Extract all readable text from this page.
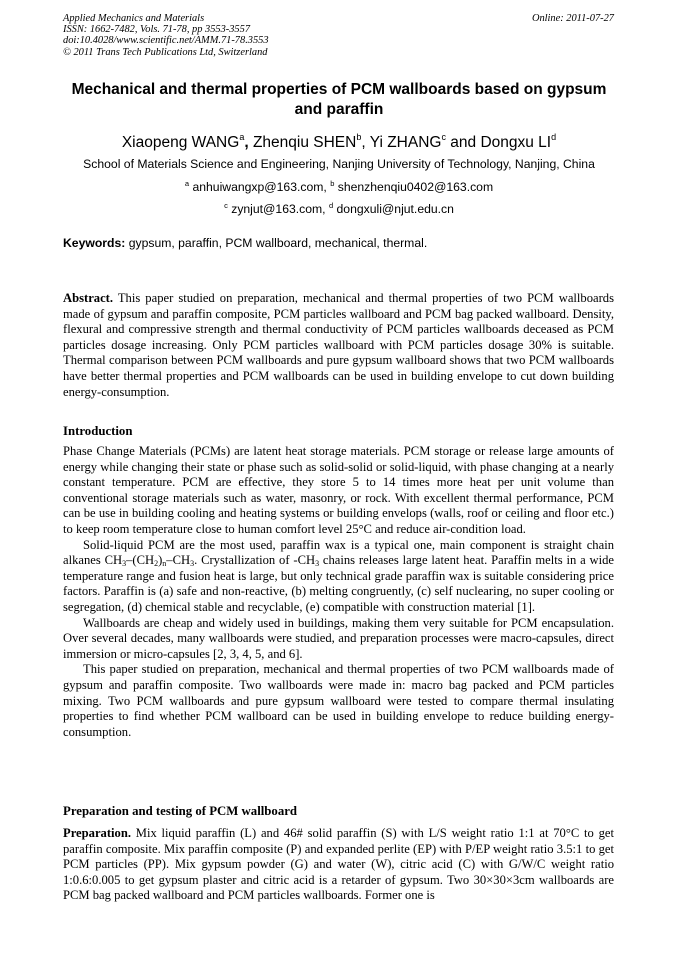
Applied Mechanics and Materials
ISSN: 1662-7482, Vols. 71-78, pp 3553-3557
doi:10.4028/www.scientific.net/AMM.71-78.3553
© 2011 Trans Tech Publications Ltd, Switzerland
Online: 2011-07-27
Mechanical and thermal properties of PCM wallboards based on gypsum and paraffin
Xiaopeng WANG$^a$, Zhenqiu SHEN$^b$, Yi ZHANG$^c$ and Dongxu $LI^d$
School of Materials Science and Engineering, Nanjing University of Technology, Nanjing, China
$^a$ anhuiwangxp@163.com, $^b$ shenzhenqiu0402@163.com
$^c$ zynjut@163.com, $^d$ dongxuli@njut.edu.cn
Keywords: gypsum, paraffin, PCM wallboard, mechanical, thermal.

Abstract. This paper studied on preparation, mechanical and thermal properties of two PCM wallboards made of gypsum and paraffin composite, PCM particles wallboard and PCM bag packed wallboard. Density, flexural and compressive strength and thermal conductivity of PCM particles wallboards deceased as PCM particles dosage increasing. Only PCM particles wallboard with PCM particles dosage 30% is suitable. Thermal comparison between PCM wallboards and pure gypsum wallboard shows that two PCM wallboards have better thermal properties and PCM wallboards can be used in building envelope to cut down building energy-consumption.

Introduction

Phase Change Materials (PCMs) are latent heat storage materials. PCM storage or release large amounts of energy while changing their state or phase such as solid-solid or solid-liquid, with phase changing at a nearly constant temperature. PCM are effective, they store 5 to 14 times more heat per unit volume than conventional storage materials such as water, masonry, or rock. With excellent thermal performance, PCM can be use in building cooling and heating systems or building envelops (walls, roof or ceiling and floor etc.) to keep room temperature close to human comfort level 25°C and reduce air-condition load.

Solid-liquid PCM are the most used, paraffin wax is a typical one, main component is straight chain alkanes $CH_3-(CH_2)_n-CH_3$. Crystallization of $-CH_3$ chains releases large latent heat. Paraffin melts in a wide temperature range and fusion heat is large, but only technical grade paraffin wax is suitable considering price factors. Paraffin is (a) safe and non-reactive, (b) melting congruently, (c) self nuclearing, no super cooling or segregation, (d) chemical stable and recyclable, (e) compatible with construction material [1].

Wallboards are cheap and widely used in buildings, making them very suitable for PCM encapsulation. Over several decades, many wallboards were studied, and preparation processes were macro-capsules, direct immersion or micro-capsules [2, 3, 4, 5, and 6].

This paper studied on preparation, mechanical and thermal properties of two PCM wallboards made of gypsum and paraffin composite. Two wallboards were made in: macro bag packed and PCM particles mixing. Two PCM wallboards and pure gypsum wallboard were tested to compare thermal insulating properties to find whether PCM wallboard can be used in building envelope to reduce building energy-consumption.

Preparation and testing of PCM wallboard

Preparation. Mix liquid paraffin (L) and 46# solid paraffin (S) with L/S weight ratio 1:1 at 70°C to get paraffin composite. Mix paraffin composite (P) and expanded perlite (EP) with P/EP weight ratio 3.5:1 to get PCM particles (PP). Mix gypsum powder (G) and water (W), citric acid (C) with G/W/C weight ratio 1:0.6:0.005 to get gypsum plaster and citric acid is a retarder of gypsum. Two 30×30×3cm wallboards are PCM bag packed wallboard and PCM particles wallboards. Former one is
